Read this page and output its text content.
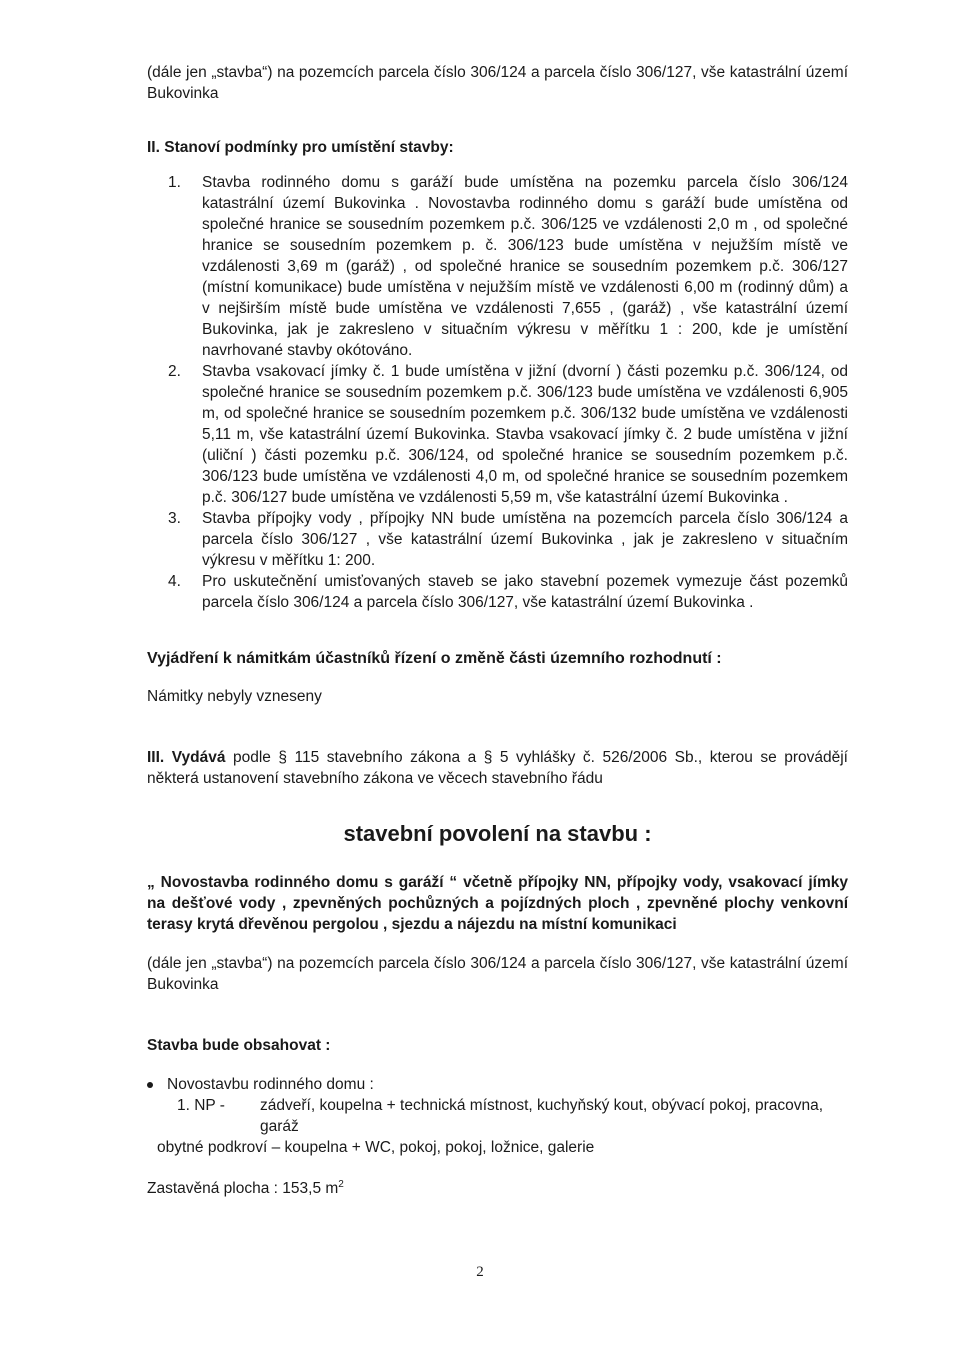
(dále jen „stavba“) na pozemcích parcela číslo 306/124 a parcela číslo 306/127, vše katastrální území Bukovinka

II. Stanoví podmínky pro umístění stavby:

1. Stavba rodinného domu s garáží bude umístěna na pozemku parcela číslo 306/124 katastrální území Bukovinka . Novostavba rodinného domu s garáží bude umístěna od společné hranice se sousedním pozemkem p.č. 306/125 ve vzdálenosti 2,0 m , od společné hranice se sousedním pozemkem p. č. 306/123 bude umístěna v nejužším místě ve vzdálenosti 3,69 m (garáž) , od společné hranice se sousedním pozemkem p.č. 306/127 (místní komunikace) bude umístěna v nejužším místě ve vzdálenosti 6,00 m (rodinný dům) a v nejširším místě bude umístěna ve vzdálenosti 7,655 , (garáž) , vše katastrální území Bukovinka, jak je zakresleno v situačním výkresu v měřítku 1 : 200, kde je umístění navrhované stavby okótováno.
2. Stavba vsakovací jímky č. 1 bude umístěna v jižní (dvorní ) části pozemku p.č. 306/124, od společné hranice se sousedním pozemkem p.č. 306/123 bude umístěna ve vzdálenosti 6,905 m, od společné hranice se sousedním pozemkem p.č. 306/132 bude umístěna ve vzdálenosti 5,11 m, vše katastrální území Bukovinka. Stavba vsakovací jímky č. 2 bude umístěna v jižní (uliční ) části pozemku p.č. 306/124, od společné hranice se sousedním pozemkem p.č. 306/123 bude umístěna ve vzdálenosti 4,0 m, od společné hranice se sousedním pozemkem p.č. 306/127 bude umístěna ve vzdálenosti 5,59 m, vše katastrální území Bukovinka .
3. Stavba přípojky vody , přípojky NN bude umístěna na pozemcích parcela číslo 306/124 a parcela číslo 306/127 , vše katastrální území Bukovinka , jak je zakresleno v situačním výkresu v měřítku 1: 200.
4. Pro uskutečnění umisťovaných staveb se jako stavební pozemek vymezuje část pozemků parcela číslo 306/124 a parcela číslo 306/127, vše katastrální území Bukovinka .

Vyjádření k námitkám účastníků řízení o změně části územního rozhodnutí :

Námitky nebyly vzneseny

III. Vydává podle § 115 stavebního zákona a § 5 vyhlášky č. 526/2006 Sb., kterou se provádějí některá ustanovení stavebního zákona ve věcech stavebního řádu

stavební povolení na stavbu :

„ Novostavba rodinného domu s garáží “ včetně přípojky NN, přípojky vody, vsakovací jímky na dešťové vody , zpevněných pochůzných a pojízdných ploch , zpevněné plochy venkovní terasy krytá dřevěnou pergolou , sjezdu a nájezdu na místní komunikaci

(dále jen „stavba“) na pozemcích parcela číslo 306/124 a parcela číslo 306/127, vše katastrální území Bukovinka

Stavba bude obsahovat :

Novostavbu rodinného domu :

1. NP -	zádveří, koupelna + technická místnost, kuchyňský kout, obývací pokoj, pracovna, garáž

obytné podkroví – koupelna + WC, pokoj, pokoj, ložnice, galerie

Zastavěná plocha : 153,5 $m^2$

2
